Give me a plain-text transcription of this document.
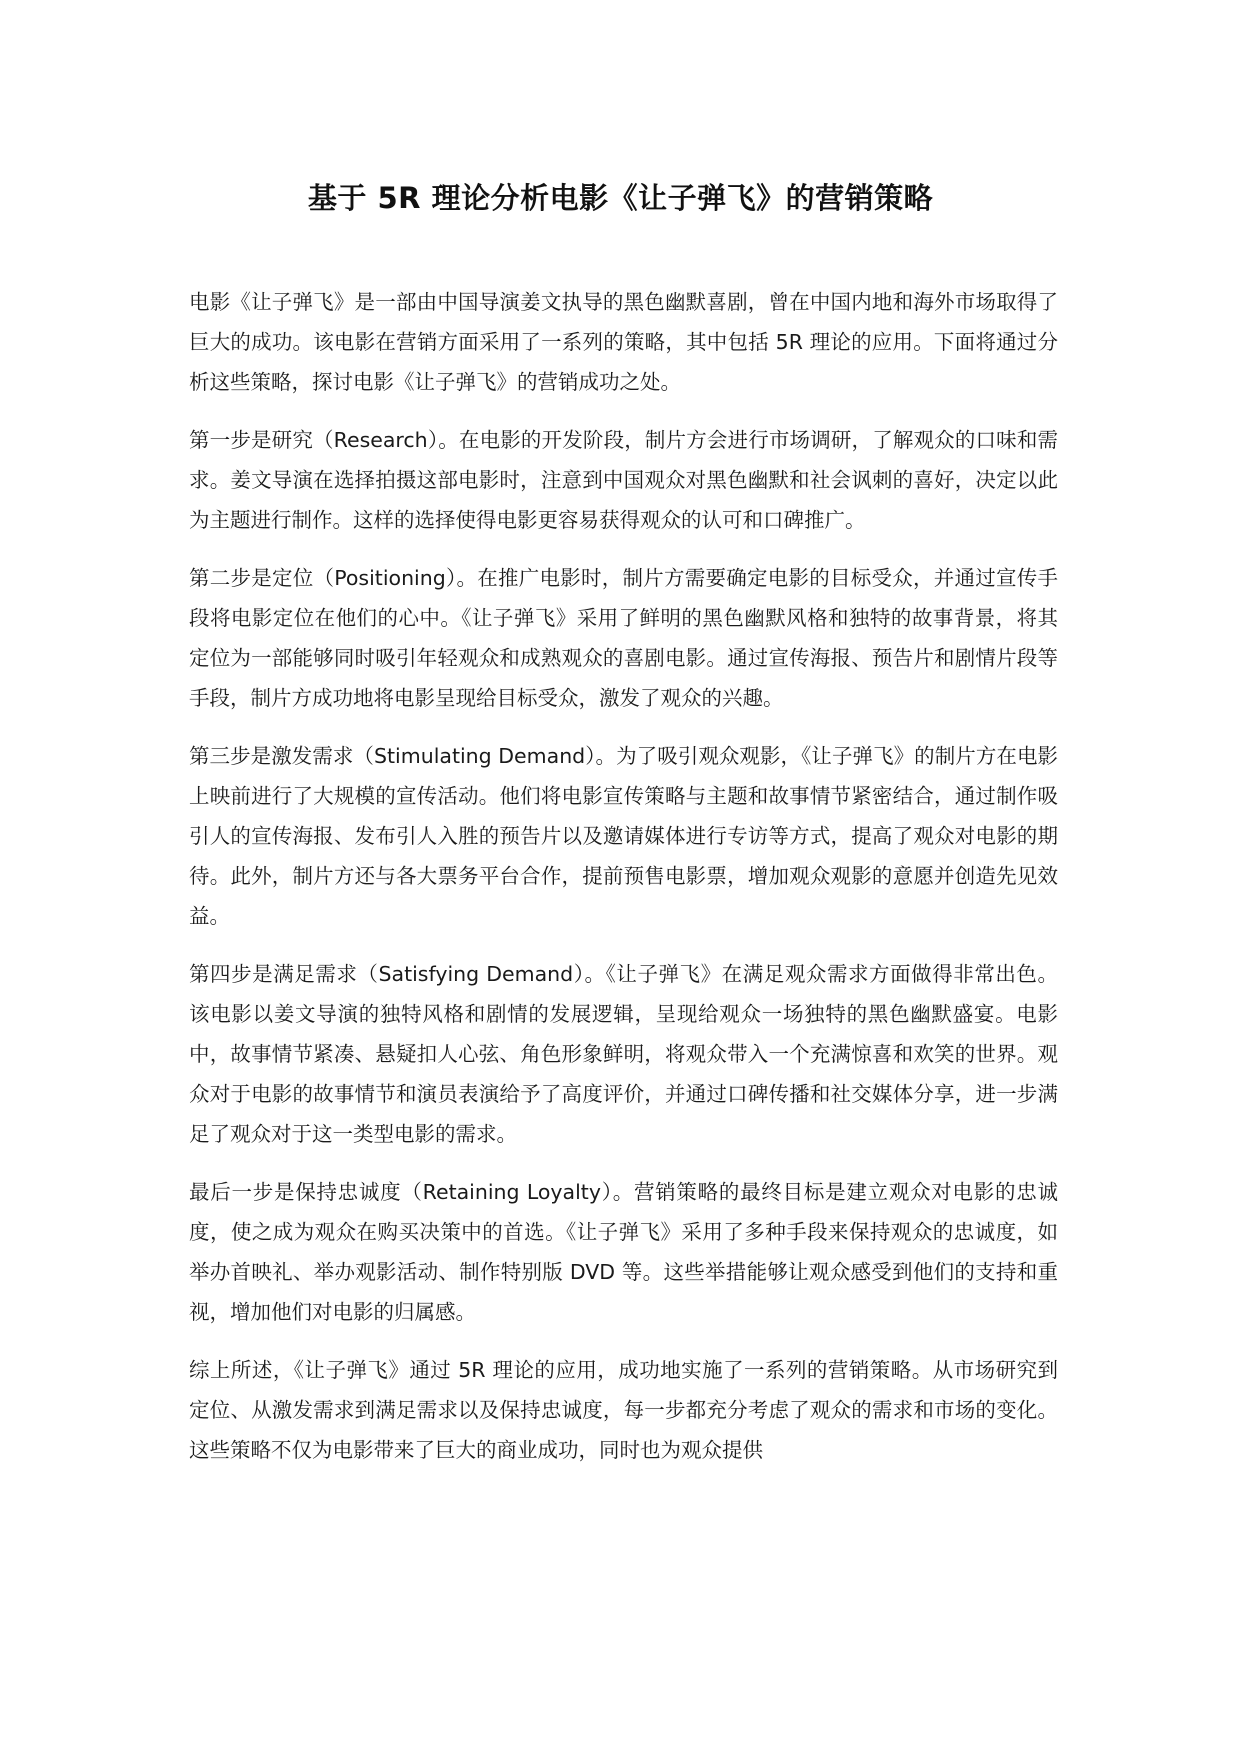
基于 5R 理论分析电影《让子弹飞》的营销策略

电影《让子弹飞》是一部由中国导演姜文执导的黑色幽默喜剧，曾在中国内地和海外市场取得了巨大的成功。该电影在营销方面采用了一系列的策略，其中包括 5R 理论的应用。下面将通过分析这些策略，探讨电影《让子弹飞》的营销成功之处。

第一步是研究（Research）。在电影的开发阶段，制片方会进行市场调研，了解观众的口味和需求。姜文导演在选择拍摄这部电影时，注意到中国观众对黑色幽默和社会讽刺的喜好，决定以此为主题进行制作。这样的选择使得电影更容易获得观众的认可和口碑推广。

第二步是定位（Positioning）。在推广电影时，制片方需要确定电影的目标受众，并通过宣传手段将电影定位在他们的心中。《让子弹飞》采用了鲜明的黑色幽默风格和独特的故事背景，将其定位为一部能够同时吸引年轻观众和成熟观众的喜剧电影。通过宣传海报、预告片和剧情片段等手段，制片方成功地将电影呈现给目标受众，激发了观众的兴趣。

第三步是激发需求（Stimulating Demand）。为了吸引观众观影，《让子弹飞》的制片方在电影上映前进行了大规模的宣传活动。他们将电影宣传策略与主题和故事情节紧密结合，通过制作吸引人的宣传海报、发布引人入胜的预告片以及邀请媒体进行专访等方式，提高了观众对电影的期待。此外，制片方还与各大票务平台合作，提前预售电影票，增加观众观影的意愿并创造先见效益。

第四步是满足需求（Satisfying Demand）。《让子弹飞》在满足观众需求方面做得非常出色。该电影以姜文导演的独特风格和剧情的发展逻辑，呈现给观众一场独特的黑色幽默盛宴。电影中，故事情节紧凑、悬疑扣人心弦、角色形象鲜明，将观众带入一个充满惊喜和欢笑的世界。观众对于电影的故事情节和演员表演给予了高度评价，并通过口碑传播和社交媒体分享，进一步满足了观众对于这一类型电影的需求。

最后一步是保持忠诚度（Retaining Loyalty）。营销策略的最终目标是建立观众对电影的忠诚度，使之成为观众在购买决策中的首选。《让子弹飞》采用了多种手段来保持观众的忠诚度，如举办首映礼、举办观影活动、制作特别版 DVD 等。这些举措能够让观众感受到他们的支持和重视，增加他们对电影的归属感。

综上所述，《让子弹飞》通过 5R 理论的应用，成功地实施了一系列的营销策略。从市场研究到定位、从激发需求到满足需求以及保持忠诚度，每一步都充分考虑了观众的需求和市场的变化。这些策略不仅为电影带来了巨大的商业成功，同时也为观众提供
